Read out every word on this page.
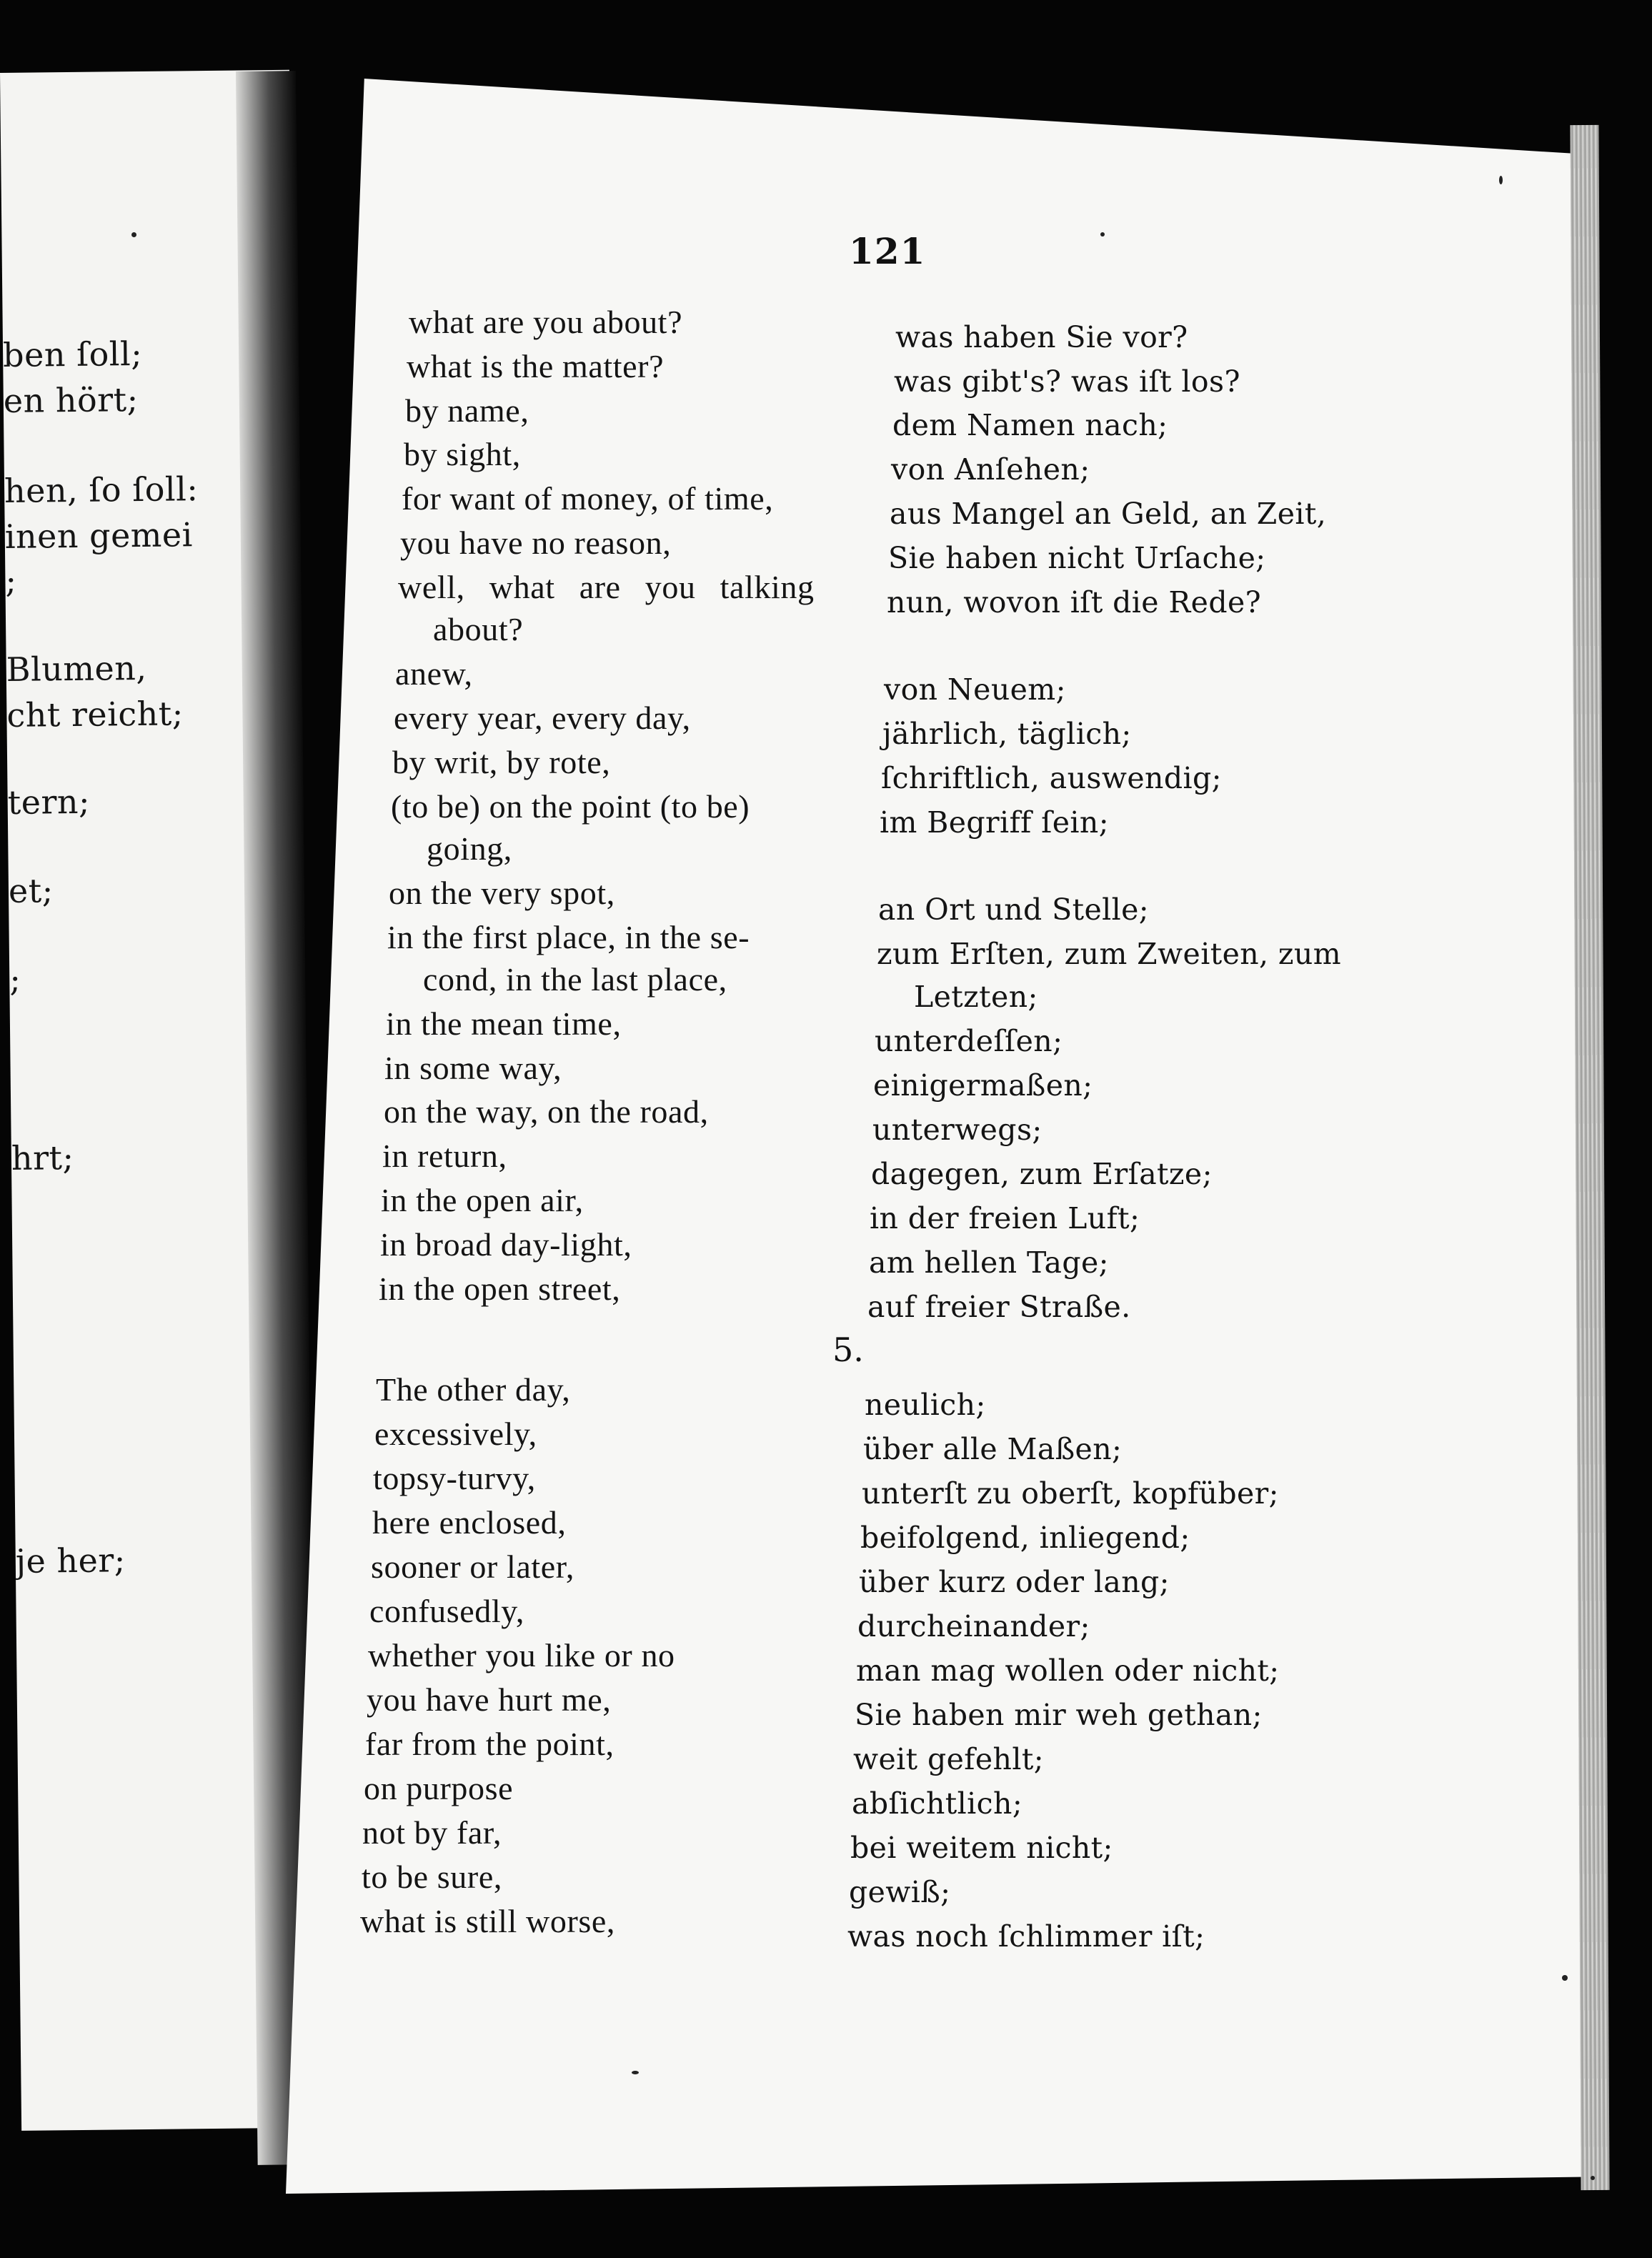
ben ſoll;
en hört;
hen, ſo ſoll:
inen gemei
;
Blumen,
cht reicht;
tern;
et;
;
hrt;
je her;
121
what are you about?
what is the matter?
by name,
by sight,
for want of money, of time,
you have no reason,
well, what are you talking
about?
anew,
every year, every day,
by writ, by rote,
(to be) on the point (to be)
going,
on the very spot,
in the first place, in the se-
cond, in the last place,
in the mean time,
in some way,
on the way, on the road,
in return,
in the open air,
in broad day-light,
in the open street,
The other day,
excessively,
topsy-turvy,
here enclosed,
sooner or later,
confusedly,
whether you like or no
you have hurt me,
far from the point,
on purpose
not by far,
to be sure,
what is still worse,
5.
was haben Sie vor?
was gibt's? was iſt los?
dem Namen nach;
von Anſehen;
aus Mangel an Geld, an Zeit,
Sie haben nicht Urſache;
nun, wovon iſt die Rede?
von Neuem;
jährlich, täglich;
ſchriftlich, auswendig;
im Begriff ſein;
an Ort und Stelle;
zum Erſten, zum Zweiten, zum
Letzten;
unterdeſſen;
einigermaßen;
unterwegs;
dagegen, zum Erſatze;
in der freien Luft;
am hellen Tage;
auf freier Straße.
neulich;
über alle Maßen;
unterſt zu oberſt, kopfüber;
beifolgend, inliegend;
über kurz oder lang;
durcheinander;
man mag wollen oder nicht;
Sie haben mir weh gethan;
weit gefehlt;
abſichtlich;
bei weitem nicht;
gewiß;
was noch ſchlimmer iſt;
